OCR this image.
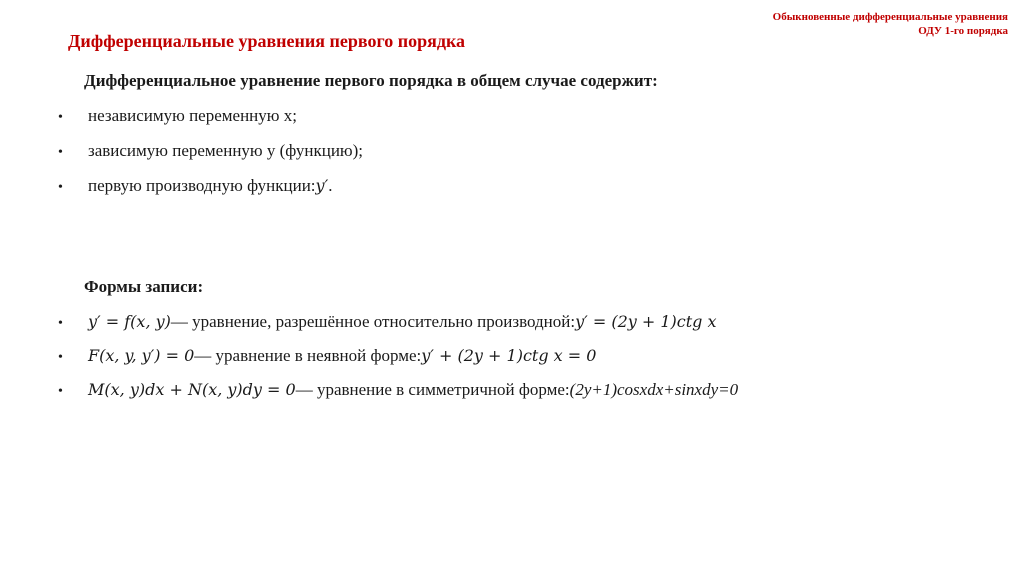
Обыкновенные дифференциальные уравнения
ОДУ 1-го порядка
Дифференциальные уравнения первого порядка
Дифференциальное уравнение первого порядка в общем случае содержит:
•	независимую переменную x;
•	зависимую переменную y (функцию);
•	первую производную функции: y′ .
Формы записи:
•	y′ = f(x, y) — уравнение, разрешённое относительно производной: y′ = (2y + 1)ctg x
•	F(x, y, y′) = 0 — уравнение в неявной форме: y′ + (2y + 1)ctg x = 0
•	M(x, y)dx + N(x, y)dy = 0 — уравнение в симметричной форме: (2y+1)cosxdx+sinxdy=0
